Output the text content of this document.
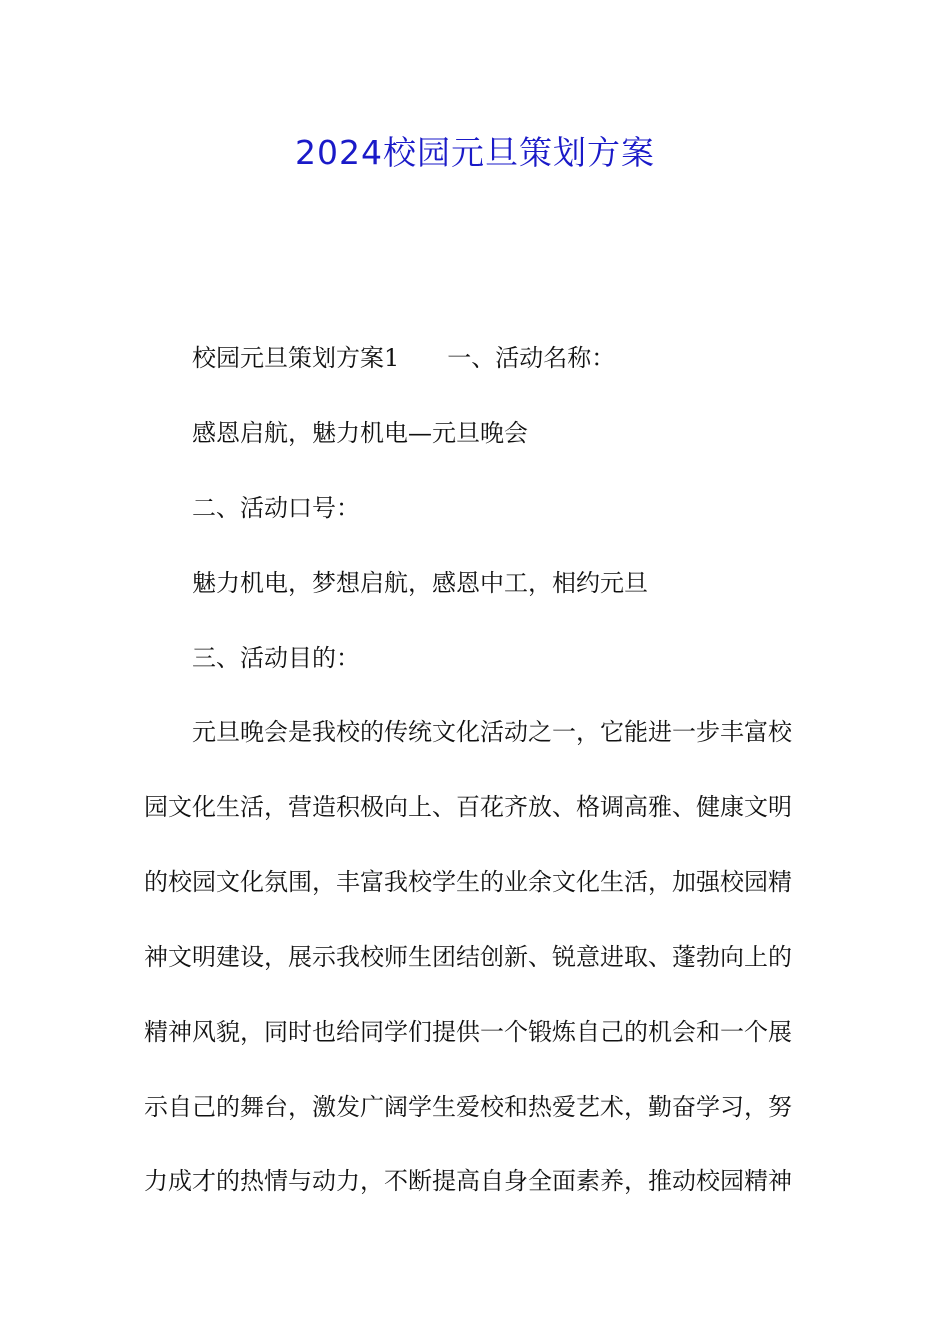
2024校园元旦策划方案

校园元旦策划方案1 一、活动名称：

感恩启航，魅力机电—元旦晚会

二、活动口号：

魅力机电，梦想启航，感恩中工，相约元旦

三、活动目的：

元旦晚会是我校的传统文化活动之一，它能进一步丰富校

园文化生活，营造积极向上、百花齐放、格调高雅、健康文明

的校园文化氛围，丰富我校学生的业余文化生活，加强校园精

神文明建设，展示我校师生团结创新、锐意进取、蓬勃向上的

精神风貌，同时也给同学们提供一个锻炼自己的机会和一个展

示自己的舞台，激发广阔学生爱校和热爱艺术，勤奋学习，努

力成才的热情与动力，不断提高自身全面素养，推动校园精神
